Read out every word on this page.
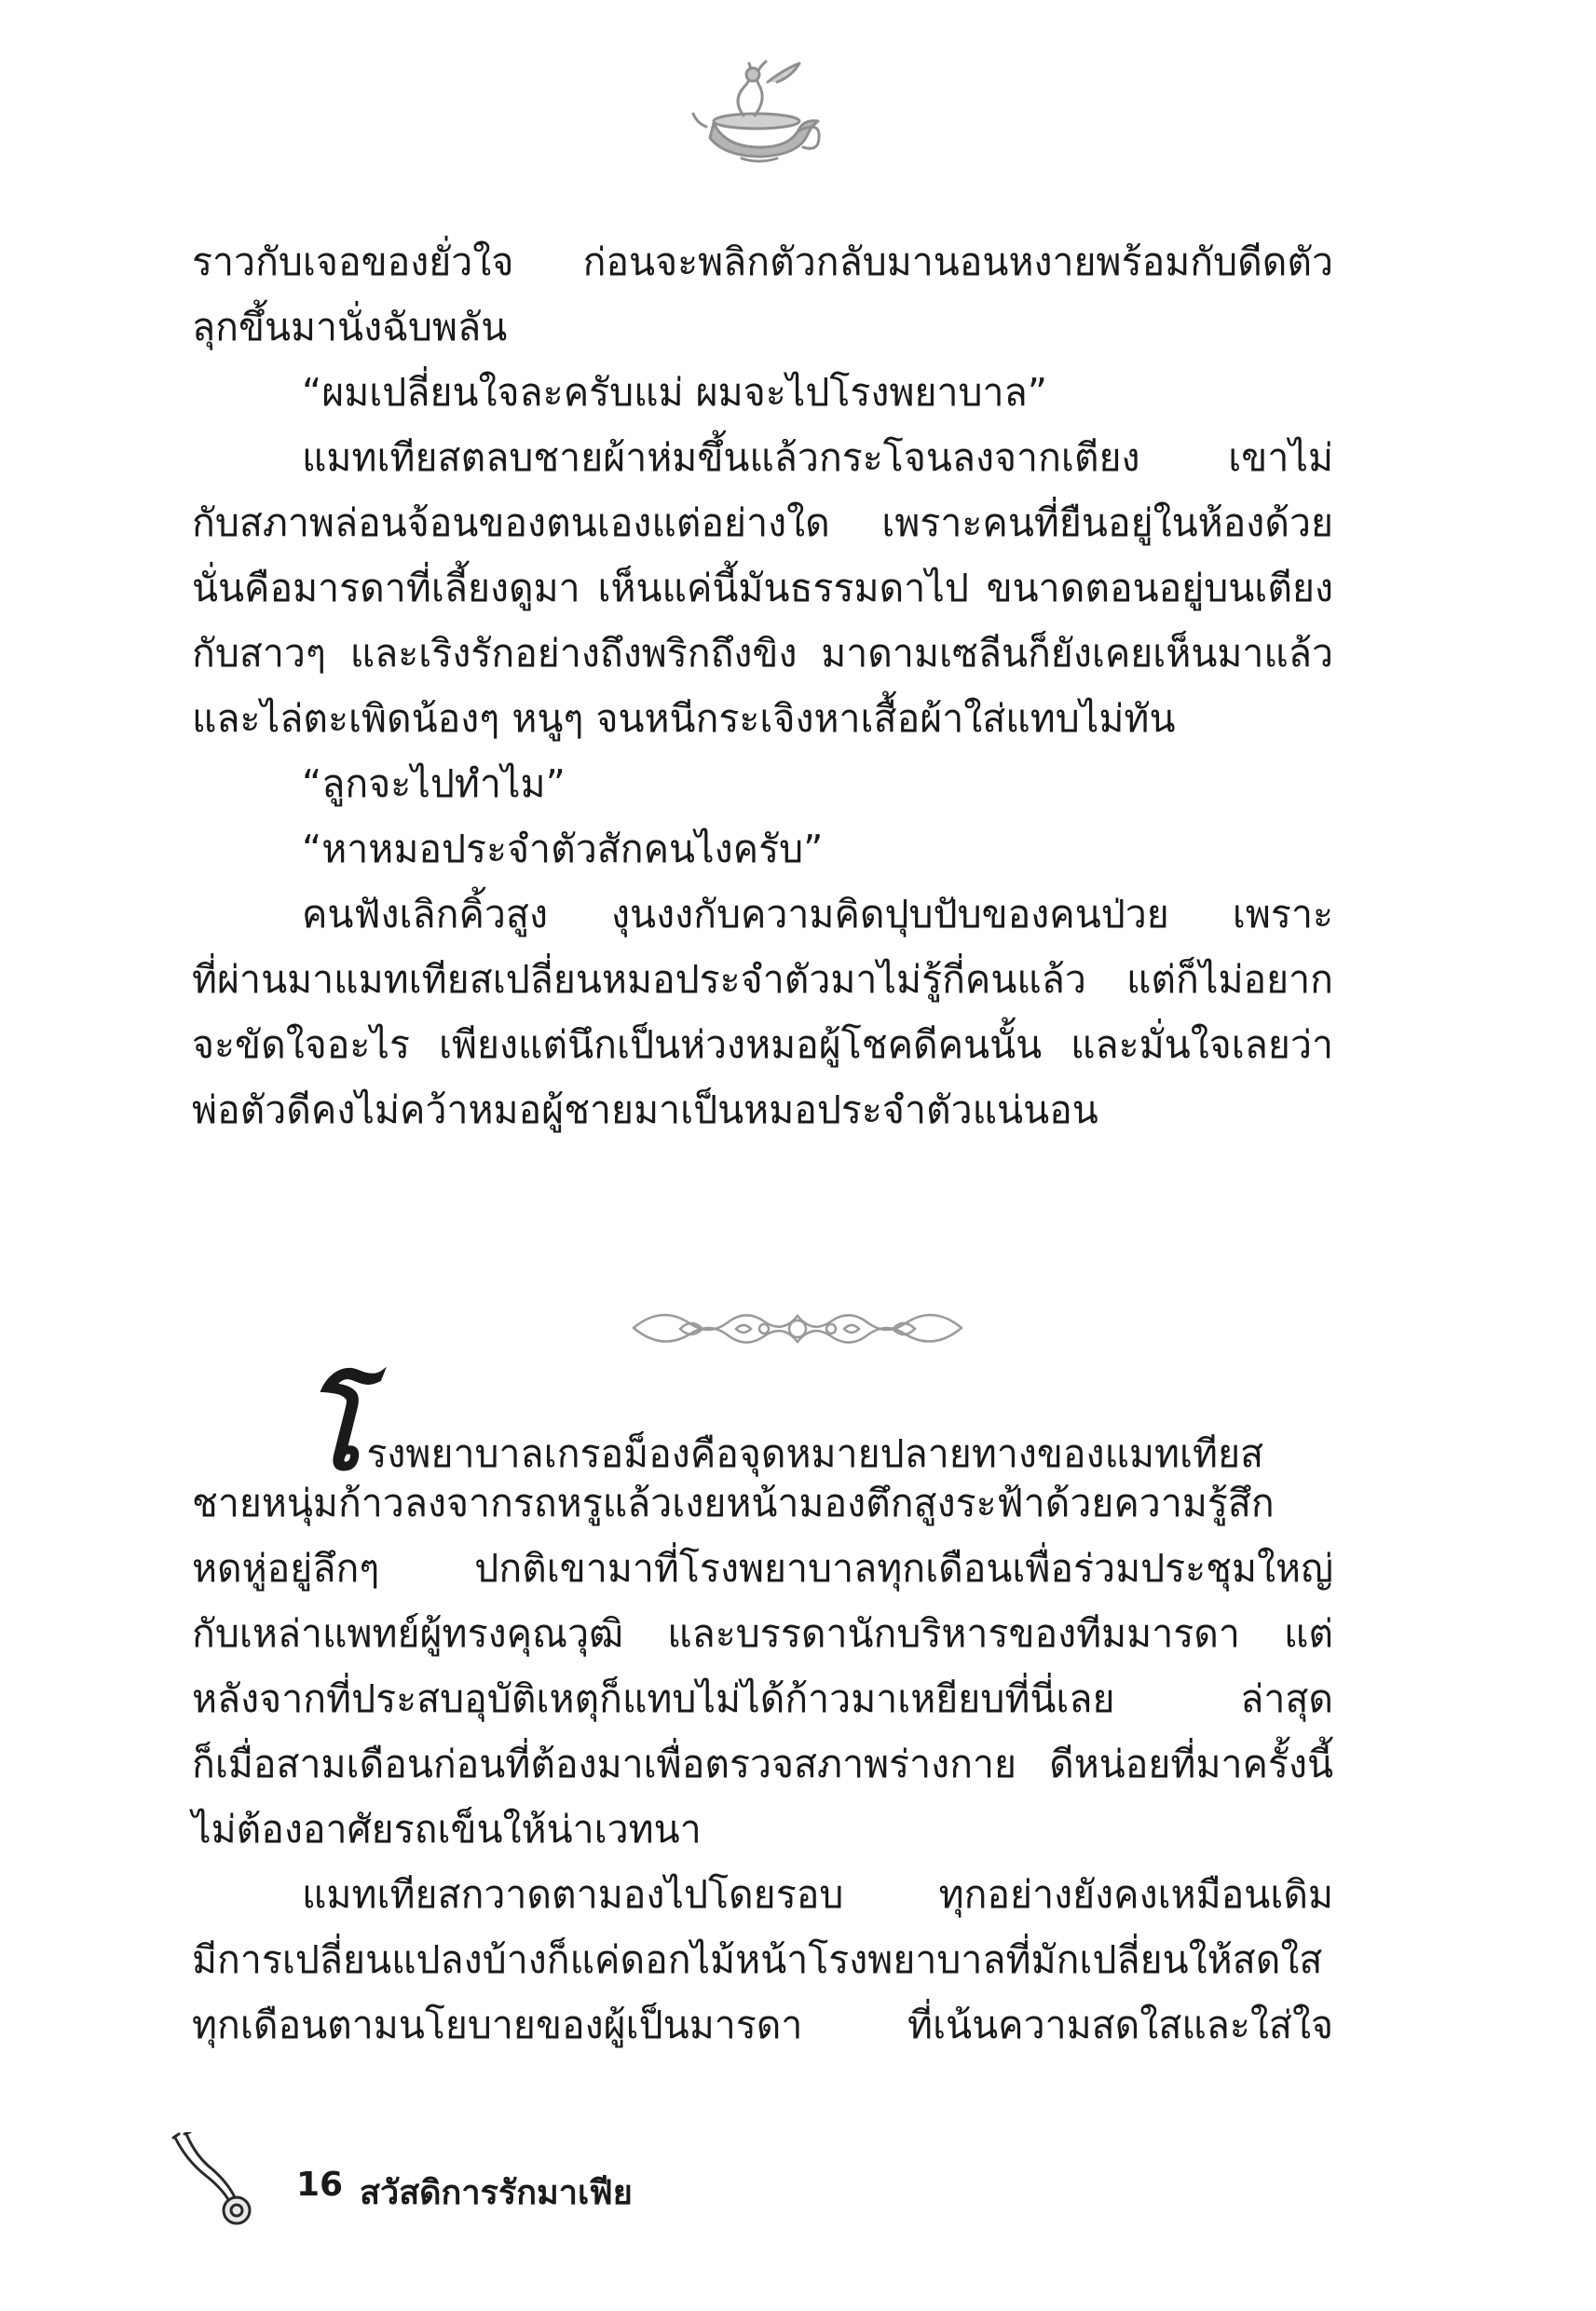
ราวกับเจอของยั่วใจ ก่อนจะพลิกตัวกลับมานอนหงายพร้อมกับดีดตัว
ลุกขึ้นมานั่งฉับพลัน
“ผมเปลี่ยนใจละครับแม่ ผมจะไปโรงพยาบาล”
แมทเทียสตลบชายผ้าห่มขึ้นแล้วกระโจนลงจากเตียง เขาไม่
กับสภาพล่อนจ้อนของตนเองแต่อย่างใด เพราะคนที่ยืนอยู่ในห้องด้วย
นั่นคือมารดาที่เลี้ยงดูมา เห็นแค่นี้มันธรรมดาไป ขนาดตอนอยู่บนเตียง
กับสาวๆ และเริงรักอย่างถึงพริกถึงขิง มาดามเซลีนก็ยังเคยเห็นมาแล้ว
และไล่ตะเพิดน้องๆ หนูๆ จนหนีกระเจิงหาเสื้อผ้าใส่แทบไม่ทัน
“ลูกจะไปทำไม”
“หาหมอประจำตัวสักคนไงครับ”
คนฟังเลิกคิ้วสูง งุนงงกับความคิดปุบปับของคนป่วย เพราะ
ที่ผ่านมาแมทเทียสเปลี่ยนหมอประจำตัวมาไม่รู้กี่คนแล้ว แต่ก็ไม่อยาก
จะขัดใจอะไร เพียงแต่นึกเป็นห่วงหมอผู้โชคดีคนนั้น และมั่นใจเลยว่า
พ่อตัวดีคงไม่คว้าหมอผู้ชายมาเป็นหมอประจำตัวแน่นอน
โรงพยาบาลเกรอม็องคือจุดหมายปลายทางของแมทเทียส
ชายหนุ่มก้าวลงจากรถหรูแล้วเงยหน้ามองตึกสูงระฟ้าด้วยความรู้สึก
หดหู่อยู่ลึกๆ ปกติเขามาที่โรงพยาบาลทุกเดือนเพื่อร่วมประชุมใหญ่
กับเหล่าแพทย์ผู้ทรงคุณวุฒิ และบรรดานักบริหารของทีมมารดา แต่
หลังจากที่ประสบอุบัติเหตุก็แทบไม่ได้ก้าวมาเหยียบที่นี่เลย ล่าสุด
ก็เมื่อสามเดือนก่อนที่ต้องมาเพื่อตรวจสภาพร่างกาย ดีหน่อยที่มาครั้งนี้
ไม่ต้องอาศัยรถเข็นให้น่าเวทนา
แมทเทียสกวาดตามองไปโดยรอบ ทุกอย่างยังคงเหมือนเดิม
มีการเปลี่ยนแปลงบ้างก็แค่ดอกไม้หน้าโรงพยาบาลที่มักเปลี่ยนให้สดใส
ทุกเดือนตามนโยบายของผู้เป็นมารดา ที่เน้นความสดใสและใส่ใจ
16 สวัสดิการรักมาเฟีย
